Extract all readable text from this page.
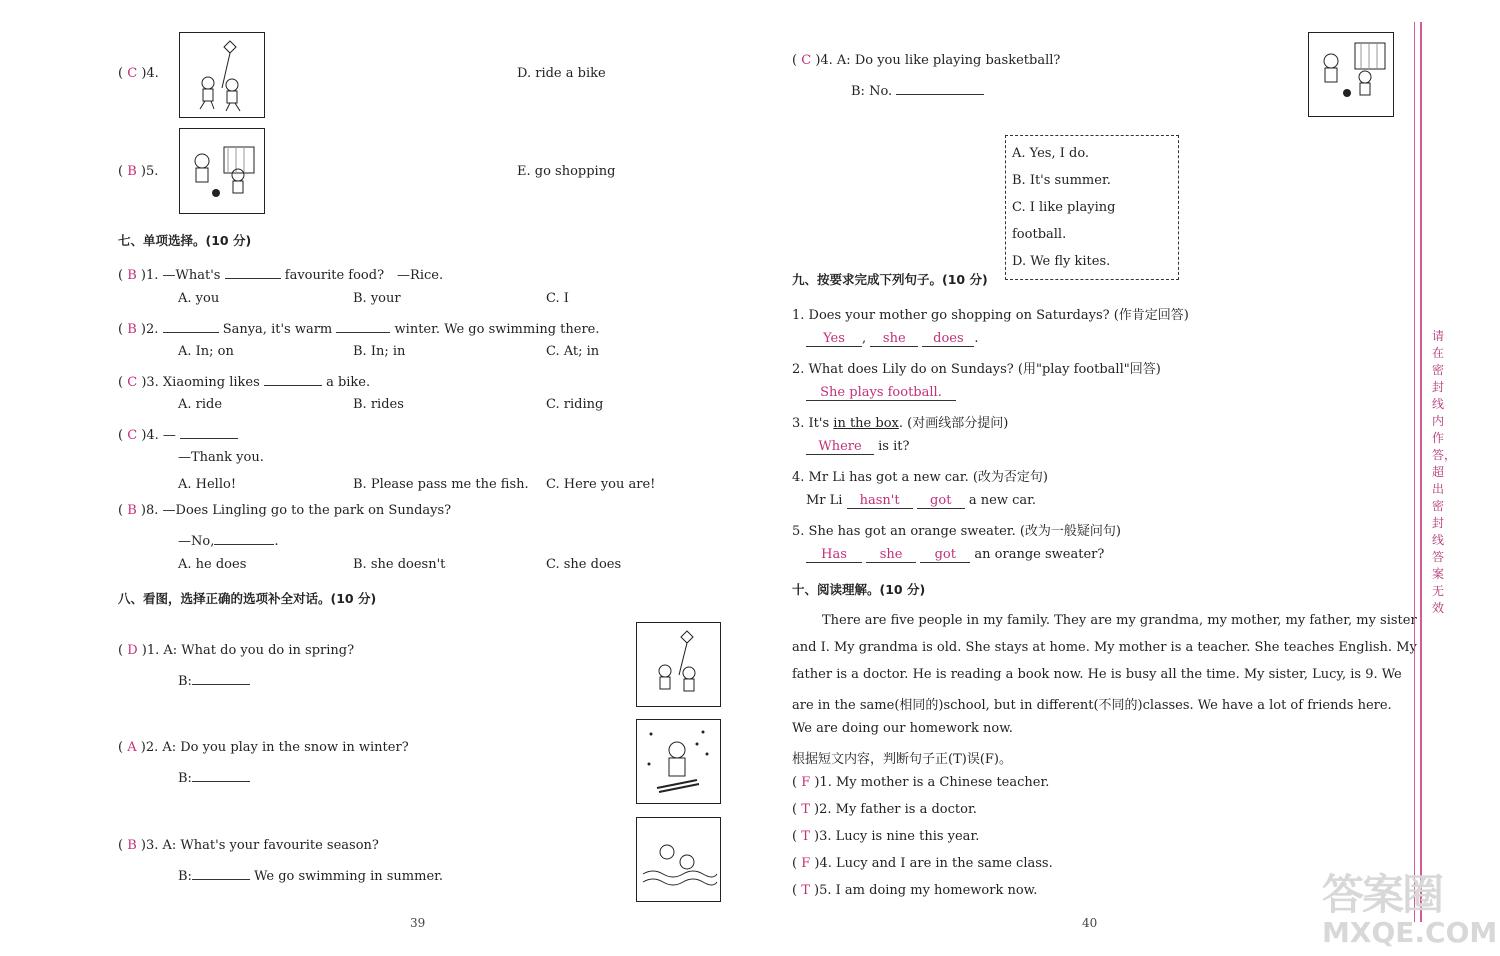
( C )4.	D. ride a bike
( B )5.	E. go shopping
七、单项选择。(10 分)
( B )1. —What's	favourite food?　—Rice.
A. you	B. your	C. I
( B )2.	Sanya, it's warm	winter. We go swimming there.
A. In; on	B. In; in	C. At; in
( C )3. Xiaoming likes	a bike.
A. ride	B. rides	C. riding
( C )4. —
—Thank you.
A. Hello!	B. Please pass me the fish. C. Here you are!
( B )8. —Does Lingling go to the park on Sundays?
—No,	.
A. he does	B. she doesn't	C. she does
八、看图，选择正确的选项补全对话。(10 分)
( D )1. A: What do you do in spring?
B:
( A )2. A: Do you play in the snow in winter?
B:
( B )3. A: What's your favourite season?
B:	We go swimming in summer.
39
( C )4. A: Do you like playing basketball?
B: No.
A. Yes, I do.
B. It's summer.
C. I like playing football.
D. We fly kites.
九、按要求完成下列句子。(10 分)
1. Does your mother go shopping on Saturdays? (作肯定回答)
Yes , she does .
2. What does Lily do on Sundays? (用"play football"回答)
She plays football.
3. It's in the box. (对画线部分提问)
Where is it?
4. Mr Li has got a new car. (改为否定句)
Mr Li hasn't got a new car.
5. She has got an orange sweater. (改为一般疑问句)
Has	she got an orange sweater?
十、阅读理解。(10 分)
There are five people in my family. They are my grandma, my mother, my father, my sister
and I. My grandma is old. She stays at home. My mother is a teacher. She teaches English. My
father is a doctor. He is reading a book now. He is busy all the time. My sister, Lucy, is 9. We
are in the same(相同的)school, but in different(不同的)classes. We have a lot of friends here.
We are doing our homework now.
根据短文内容，判断句子正(T)误(F)。
( F )1. My mother is a Chinese teacher.
( T )2. My father is a doctor.
( T )3. Lucy is nine this year.
( F )4. Lucy and I are in the same class.
( T )5. I am doing my homework now.
40
请在密封线内作答，超出密封线答案无效
答案圈
MXQE.COM
